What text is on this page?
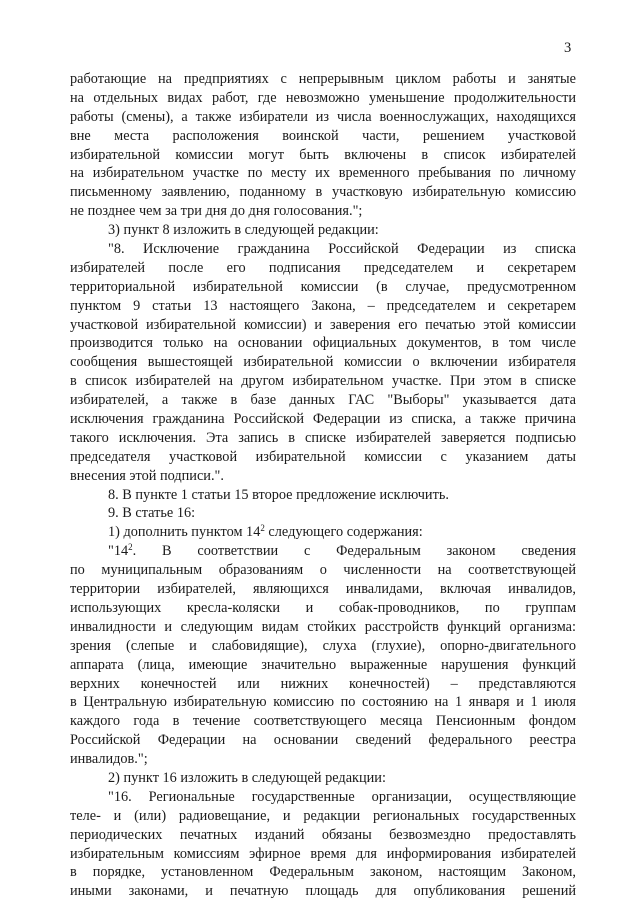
3
работающие на предприятиях с непрерывным циклом работы и занятые
на отдельных видах работ, где невозможно уменьшение продолжительности
работы (смены), а также избиратели из числа военнослужащих, находящихся
вне места расположения воинской части, решением участковой
избирательной комиссии могут быть включены в список избирателей
на избирательном участке по месту их временного пребывания по личному
письменному заявлению, поданному в участковую избирательную комиссию
не позднее чем за три дня до дня голосования.";
3) пункт 8 изложить в следующей редакции:
"8. Исключение гражданина Российской Федерации из списка
избирателей после его подписания председателем и секретарем
территориальной избирательной комиссии (в случае, предусмотренном
пунктом 9 статьи 13 настоящего Закона, – председателем и секретарем
участковой избирательной комиссии) и заверения его печатью этой комиссии
производится только на основании официальных документов, в том числе
сообщения вышестоящей избирательной комиссии о включении избирателя
в список избирателей на другом избирательном участке. При этом в списке
избирателей, а также в базе данных ГАС "Выборы" указывается дата
исключения гражданина Российской Федерации из списка, а также причина
такого исключения. Эта запись в списке избирателей заверяется подписью
председателя участковой избирательной комиссии с указанием даты
внесения этой подписи.".
8. В пункте 1 статьи 15 второе предложение исключить.
9. В статье 16:
1) дополнить пунктом $14^2$ следующего содержания:
"$14^2$. В соответствии с Федеральным законом сведения
по муниципальным образованиям о численности на соответствующей
территории избирателей, являющихся инвалидами, включая инвалидов,
использующих кресла-коляски и собак-проводников, по группам
инвалидности и следующим видам стойких расстройств функций организма:
зрения (слепые и слабовидящие), слуха (глухие), опорно-двигательного
аппарата (лица, имеющие значительно выраженные нарушения функций
верхних конечностей или нижних конечностей) – представляются
в Центральную избирательную комиссию по состоянию на 1 января и 1 июля
каждого года в течение соответствующего месяца Пенсионным фондом
Российской Федерации на основании сведений федерального реестра
инвалидов.";
2) пункт 16 изложить в следующей редакции:
"16. Региональные государственные организации, осуществляющие
теле- и (или) радиовещание, и редакции региональных государственных
периодических печатных изданий обязаны безвозмездно предоставлять
избирательным комиссиям эфирное время для информирования избирателей
в порядке, установленном Федеральным законом, настоящим Законом,
иными законами, и печатную площадь для опубликования решений
